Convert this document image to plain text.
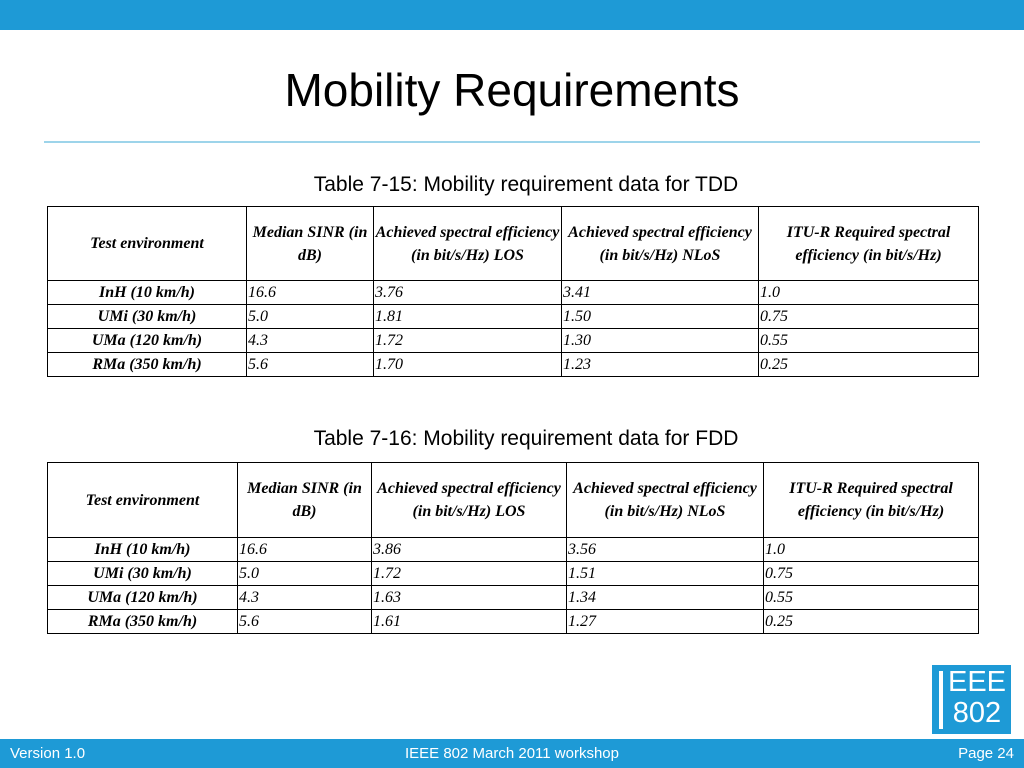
Mobility Requirements
Table 7-15: Mobility requirement data for TDD
Test environment	Median SINR (in dB)	Achieved spectral efficiency (in bit/s/Hz) LOS	Achieved spectral efficiency (in bit/s/Hz) NLoS	ITU-R Required spectral efficiency (in bit/s/Hz)
InH (10 km/h)	16.6	3.76	3.41	1.0
UMi (30 km/h)	5.0	1.81	1.50	0.75
UMa (120 km/h)	4.3	1.72	1.30	0.55
RMa (350 km/h)	5.6	1.70	1.23	0.25
Table 7-16: Mobility requirement data for FDD
Test environment	Median SINR (in dB)	Achieved spectral efficiency (in bit/s/Hz) LOS	Achieved spectral efficiency (in bit/s/Hz) NLoS	ITU-R Required spectral efficiency (in bit/s/Hz)
InH (10 km/h)	16.6	3.86	3.56	1.0
UMi (30 km/h)	5.0	1.72	1.51	0.75
UMa (120 km/h)	4.3	1.63	1.34	0.55
RMa (350 km/h)	5.6	1.61	1.27	0.25
EEE
802
Version 1.0	IEEE 802 March 2011 workshop	Page 24
